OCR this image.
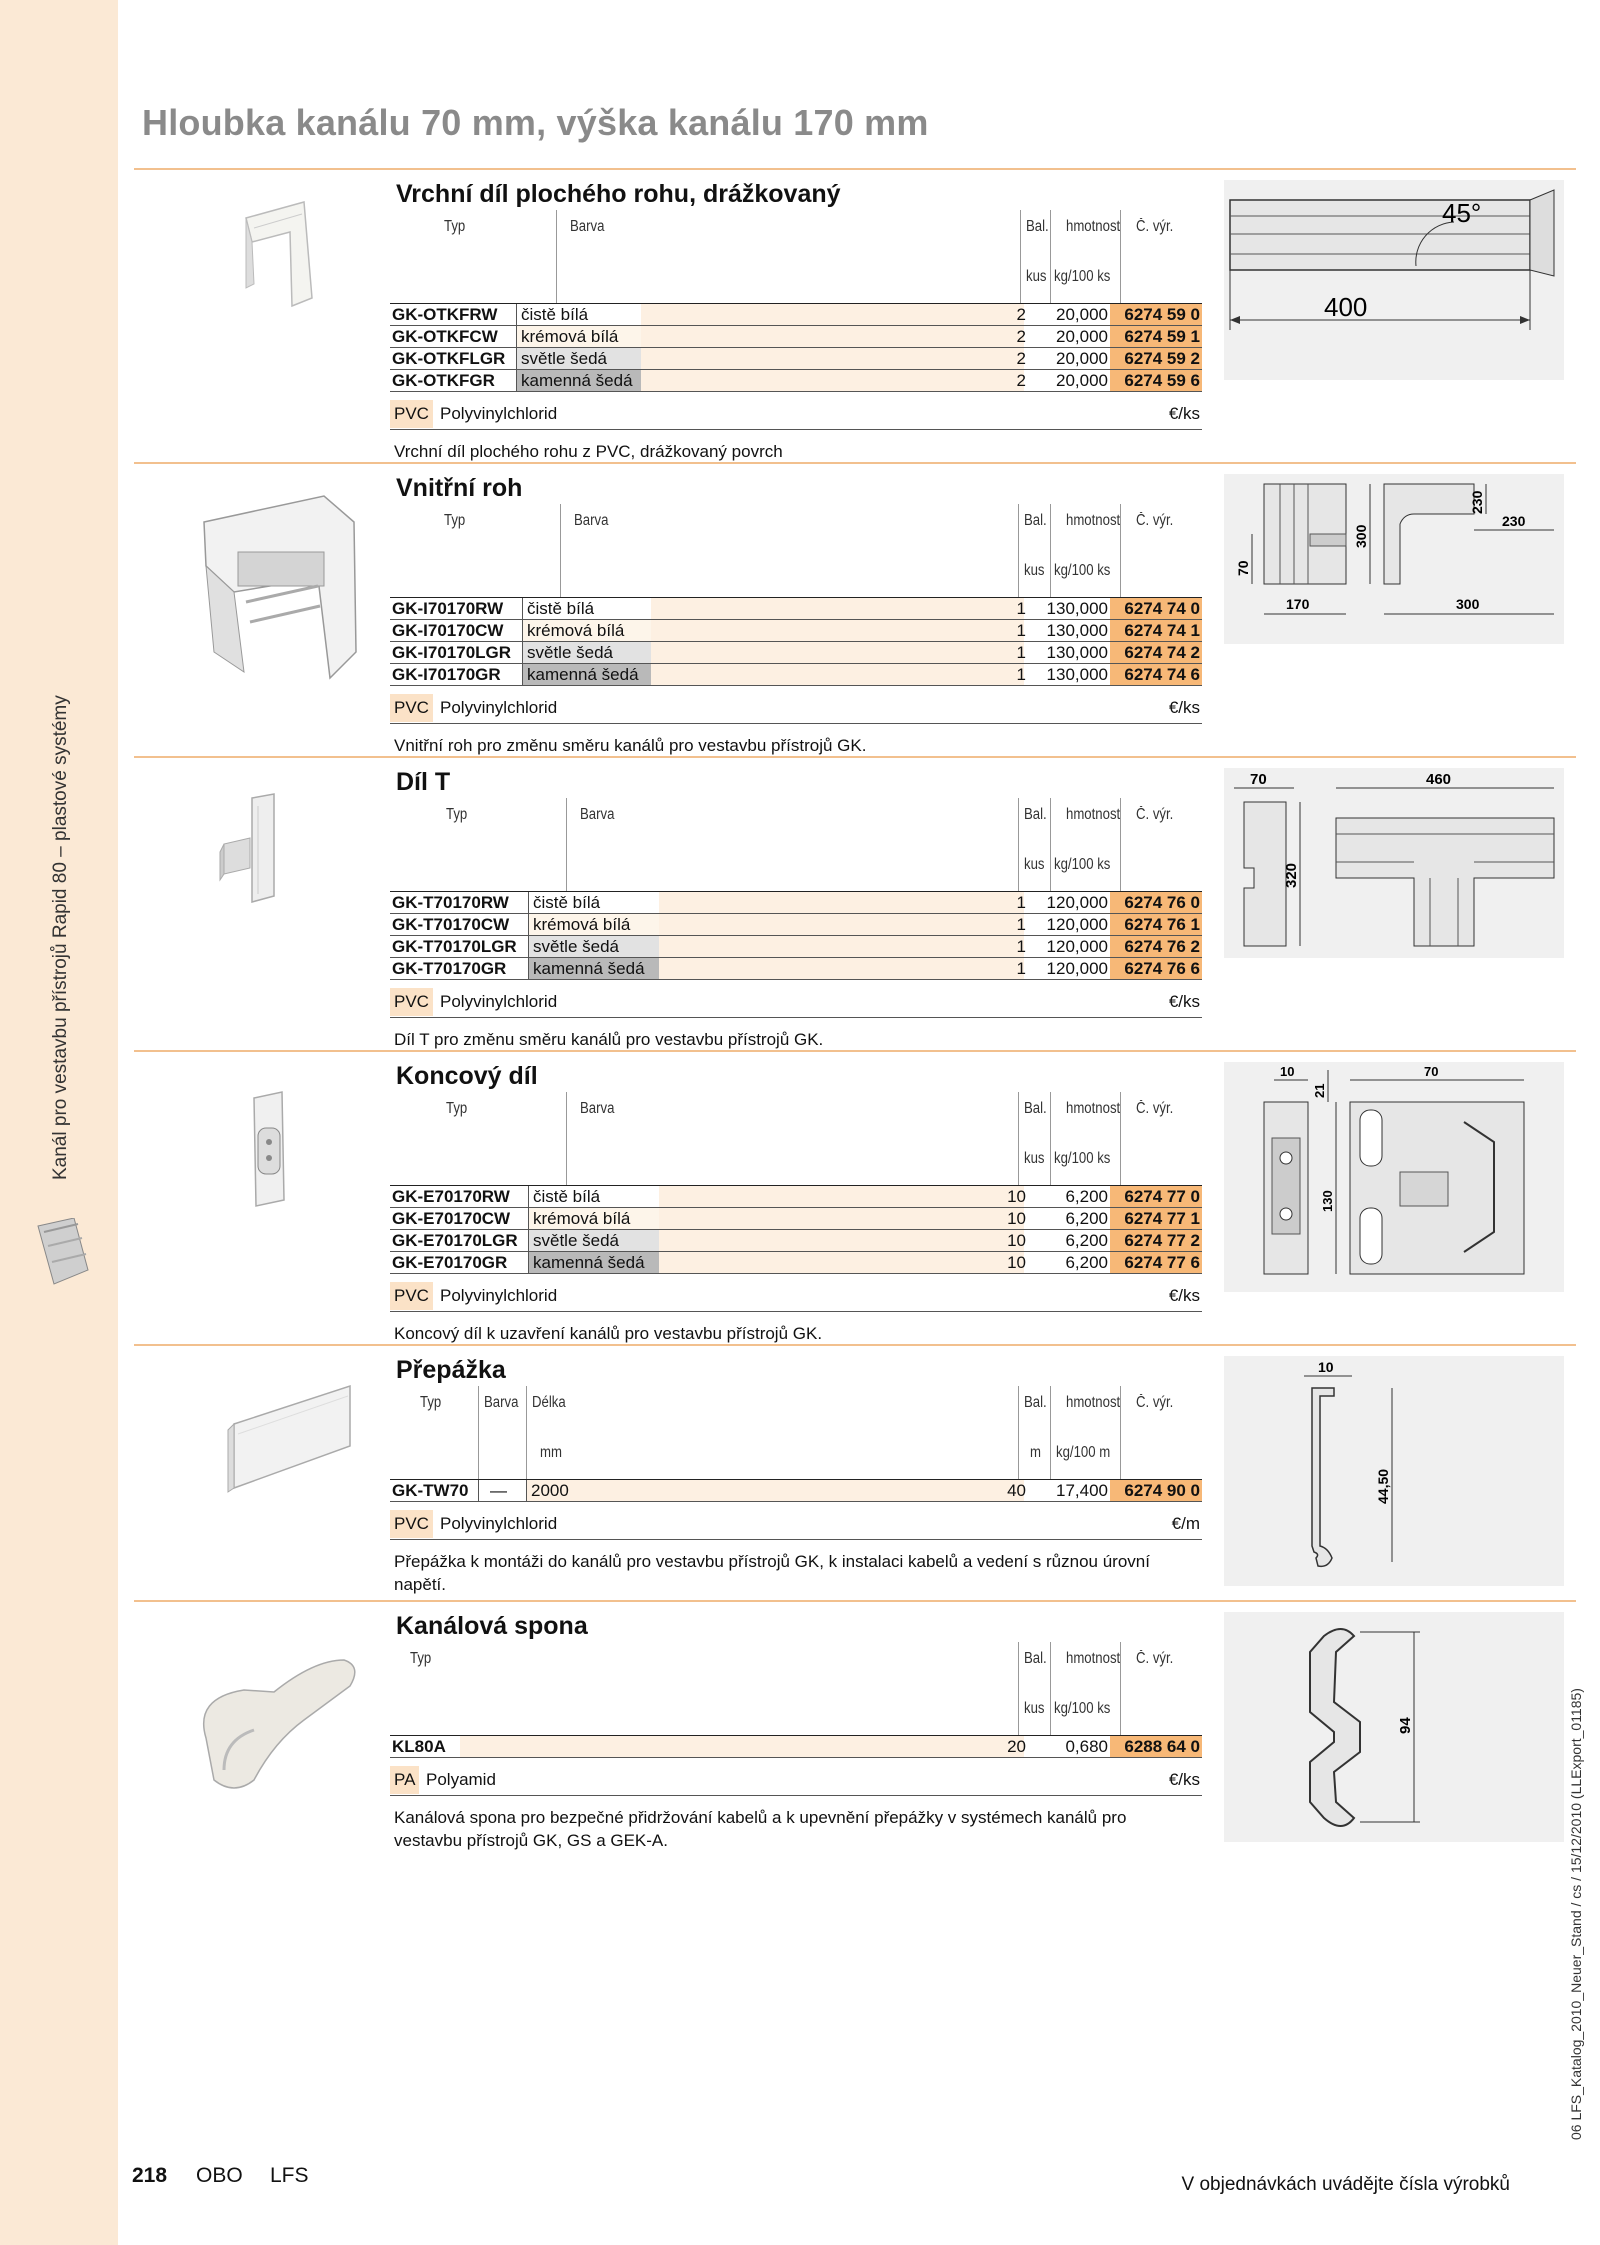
Kanál pro vestavbu přístrojů Rapid 80 – plastové systémy
06 LFS_Katalog_2010_Neuer_Stand / cs / 15/12/2010 (LLExport_01185)
Hloubka kanálu 70 mm, výška kanálu 170 mm
Vrchní díl plochého rohu, drážkovaný
Typ	Barva	Bal. hmotnost Č. výr.
kus kg/100 ks
GK-OTKFRW čistě bílá	2	20,000 6274 59 0
GK-OTKFCW krémová bílá	2	20,000 6274 59 1
GK-OTKFLGR světle šedá	2	20,000 6274 59 2
GK-OTKFGR kamenná šedá	2	20,000 6274 59 6
PVC Polyvinylchlorid	€/ks
Vrchní díl plochého rohu z PVC, drážkovaný povrch
45°
400
Vnitřní roh
Typ	Barva	Bal. hmotnost Č. výr.
kus kg/100 ks
GK-I70170RW čistě bílá	1	130,000 6274 74 0
GK-I70170CW krémová bílá	1	130,000 6274 74 1
GK-I70170LGR světle šedá	1	130,000 6274 74 2
GK-I70170GR kamenná šedá	1	130,000 6274 74 6
PVC Polyvinylchlorid	€/ks
Vnitřní roh pro změnu směru kanálů pro vestavbu přístrojů GK.
70
170
300
230
230
300
Díl T
Typ	Barva	Bal. hmotnost Č. výr.
kus kg/100 ks
GK-T70170RW čistě bílá	1	120,000 6274 76 0
GK-T70170CW krémová bílá	1	120,000 6274 76 1
GK-T70170LGR světle šedá	1	120,000 6274 76 2
GK-T70170GR kamenná šedá	1	120,000 6274 76 6
PVC Polyvinylchlorid	€/ks
Díl T pro změnu směru kanálů pro vestavbu přístrojů GK.
70	460
320
Koncový díl
Typ	Barva	Bal. hmotnost Č. výr.
kus kg/100 ks
GK-E70170RW čistě bílá	10	6,200 6274 77 0
GK-E70170CW krémová bílá	10	6,200 6274 77 1
GK-E70170LGR světle šedá	10	6,200 6274 77 2
GK-E70170GR kamenná šedá	10	6,200 6274 77 6
PVC Polyvinylchlorid	€/ks
Koncový díl k uzavření kanálů pro vestavbu přístrojů GK.
10
21
70
130
Přepážka
Typ	Barva Délka	Bal. hmotnost Č. výr.
mm	m kg/100 m
GK-TW70 —	2000	40	17,400 6274 90 0
PVC Polyvinylchlorid	€/m
Přepážka k montáži do kanálů pro vestavbu přístrojů GK, k instalaci kabelů a vedení s různou úrovní napětí.
10
44,50
Kanálová spona
Typ	Bal. hmotnost Č. výr.
kus kg/100 ks
KL80A	20	0,680 6288 64 0
PA Polyamid	€/ks
Kanálová spona pro bezpečné přidržování kabelů a k upevnění přepážky v systémech kanálů pro vestavbu přístrojů GK, GS a GEK-A.
94
218 OBO LFS	V objednávkách uvádějte čísla výrobků
